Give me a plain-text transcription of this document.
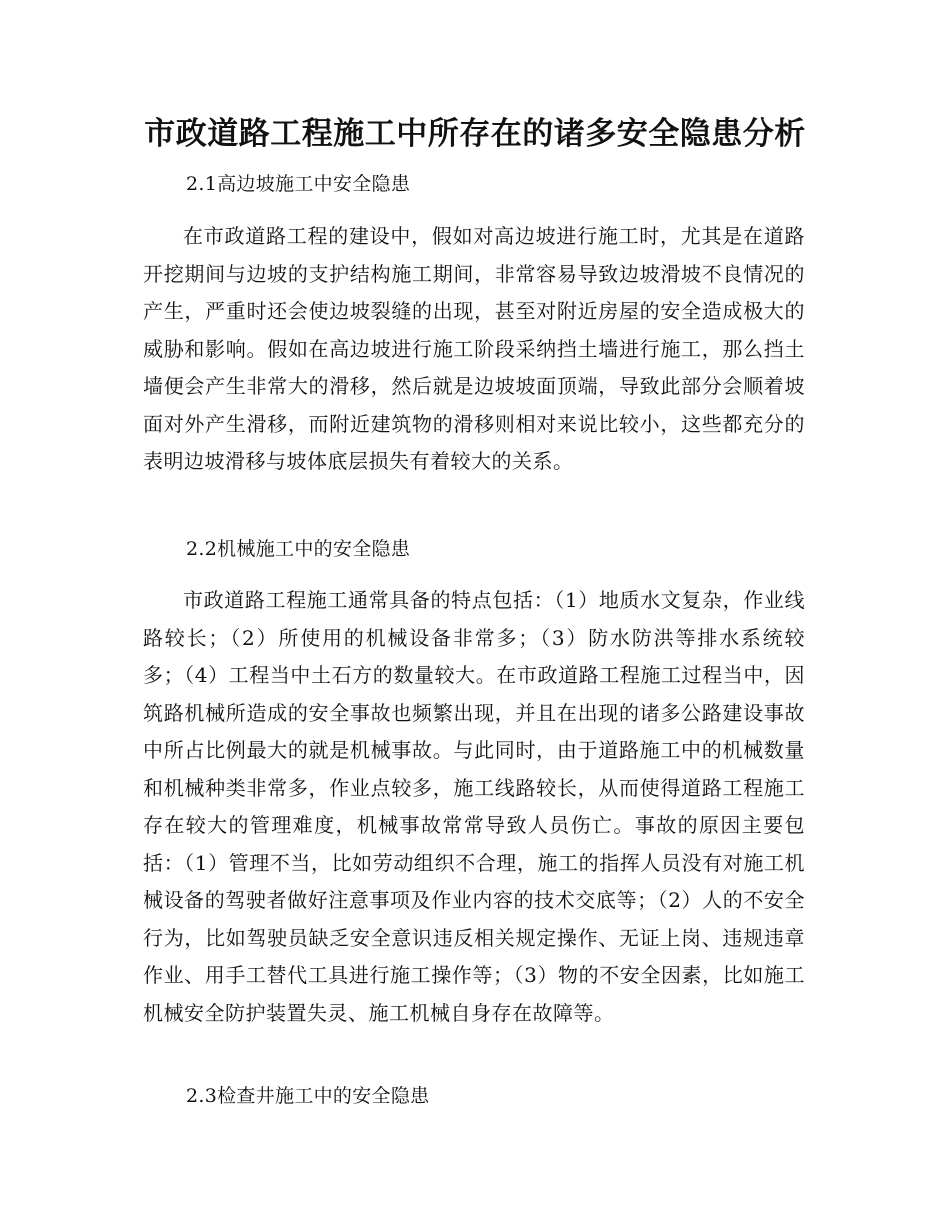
市政道路工程施工中所存在的诸多安全隐患分析

2.1高边坡施工中安全隐患

在市政道路工程的建设中，假如对高边坡进行施工时，尤其是在道路开挖期间与边坡的支护结构施工期间，非常容易导致边坡滑坡不良情况的产生，严重时还会使边坡裂缝的出现，甚至对附近房屋的安全造成极大的威胁和影响。假如在高边坡进行施工阶段采纳挡土墙进行施工，那么挡土墙便会产生非常大的滑移，然后就是边坡坡面顶端，导致此部分会顺着坡面对外产生滑移，而附近建筑物的滑移则相对来说比较小，这些都充分的表明边坡滑移与坡体底层损失有着较大的关系。

2.2机械施工中的安全隐患

市政道路工程施工通常具备的特点包括：（1）地质水文复杂，作业线路较长；（2）所使用的机械设备非常多；（3）防水防洪等排水系统较多；（4）工程当中土石方的数量较大。在市政道路工程施工过程当中，因筑路机械所造成的安全事故也频繁出现，并且在出现的诸多公路建设事故中所占比例最大的就是机械事故。与此同时，由于道路施工中的机械数量和机械种类非常多，作业点较多，施工线路较长，从而使得道路工程施工存在较大的管理难度，机械事故常常导致人员伤亡。事故的原因主要包括：（1）管理不当，比如劳动组织不合理，施工的指挥人员没有对施工机械设备的驾驶者做好注意事项及作业内容的技术交底等；（2）人的不安全行为，比如驾驶员缺乏安全意识违反相关规定操作、无证上岗、违规违章作业、用手工替代工具进行施工操作等；（3）物的不安全因素，比如施工机械安全防护装置失灵、施工机械自身存在故障等。

2.3检查井施工中的安全隐患
